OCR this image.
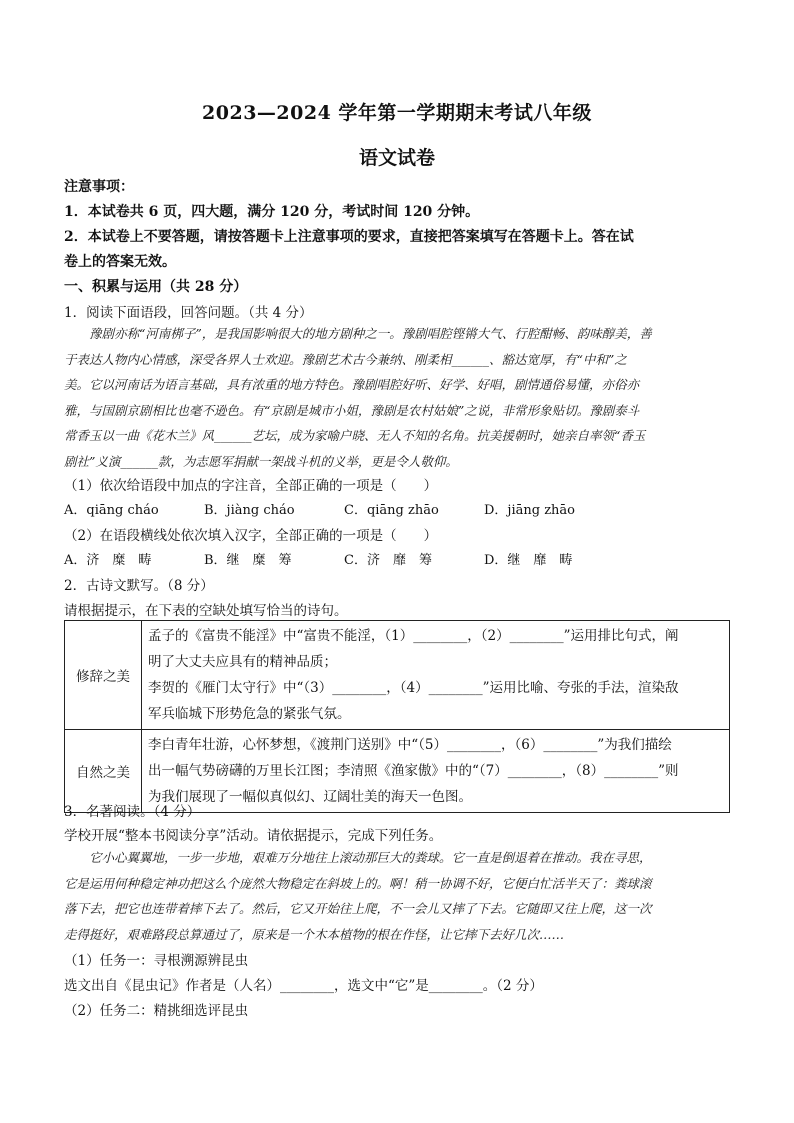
2023—2024 学年第一学期期末考试八年级
语文试卷
注意事项：
1．本试卷共 6 页，四大题，满分 120 分，考试时间 120 分钟。
2．本试卷上不要答题，请按答题卡上注意事项的要求，直接把答案填写在答题卡上。答在试
卷上的答案无效。
一、积累与运用（共 28 分）
1．阅读下面语段，回答问题。（共 4 分）
豫剧亦称“河南梆子”，是我国影响很大的地方剧种之一。豫剧唱腔铿锵大气、行腔酣畅、韵味醇美，善
于表达人物内心情感，深受各界人士欢迎。豫剧艺术古今兼纳、刚柔相______、豁达宽厚，有“中和”之
美。它以河南话为语言基础，具有浓重的地方特色。豫剧唱腔好听、好学、好唱，剧情通俗易懂，亦俗亦
雅，与国剧京剧相比也毫不逊色。有“京剧是城市小姐，豫剧是农村姑娘”之说，非常形象贴切。豫剧泰斗
常香玉以一曲《花木兰》风______艺坛，成为家喻户晓、无人不知的名角。抗美援朝时，她亲自率领“香玉
剧社”义演______款，为志愿军捐献一架战斗机的义举，更是令人敬仰。
（1）依次给语段中加点的字注音，全部正确的一项是（　　）
A．qiāng cháo	B．jiàng cháo	C．qiāng zhāo	D．jiāng zhāo
（2）在语段横线处依次填入汉字，全部正确的一项是（　　）
A．济　糜　畴	B．继　糜　筹	C．济　靡　筹	D．继　靡　畴
2．古诗文默写。（8 分）
请根据提示，在下表的空缺处填写恰当的诗句。
修辞之美	孟子的《富贵不能淫》中“富贵不能淫，（1）________，（2）________”运用排比句式，阐
明了大丈夫应具有的精神品质；
李贺的《雁门太守行》中“（3）________，（4）________”运用比喻、夸张的手法，渲染敌
军兵临城下形势危急的紧张气氛。

自然之美	李白青年壮游，心怀梦想，《渡荆门送别》中“（5）________，（6）________”为我们描绘
出一幅气势磅礴的万里长江图；李清照《渔家傲》中的“（7）________，（8）________”则
为我们展现了一幅似真似幻、辽阔壮美的海天一色图。
3．名著阅读。（4 分）
学校开展“整本书阅读分享”活动。请依据提示，完成下列任务。
它小心翼翼地，一步一步地，艰难万分地往上滚动那巨大的粪球。它一直是倒退着在推动。我在寻思，
它是运用何种稳定神功把这么个庞然大物稳定在斜坡上的。啊！稍一协调不好，它便白忙活半天了：粪球滚
落下去，把它也连带着摔下去了。然后，它又开始往上爬，不一会儿又摔了下去。它随即又往上爬，这一次
走得挺好，艰难路段总算通过了，原来是一个木本植物的根在作怪，让它摔下去好几次……
（1）任务一：寻根溯源辨昆虫
选文出自《昆虫记》作者是（人名）________，选文中“它”是________。（2 分）
（2）任务二：精挑细选评昆虫
